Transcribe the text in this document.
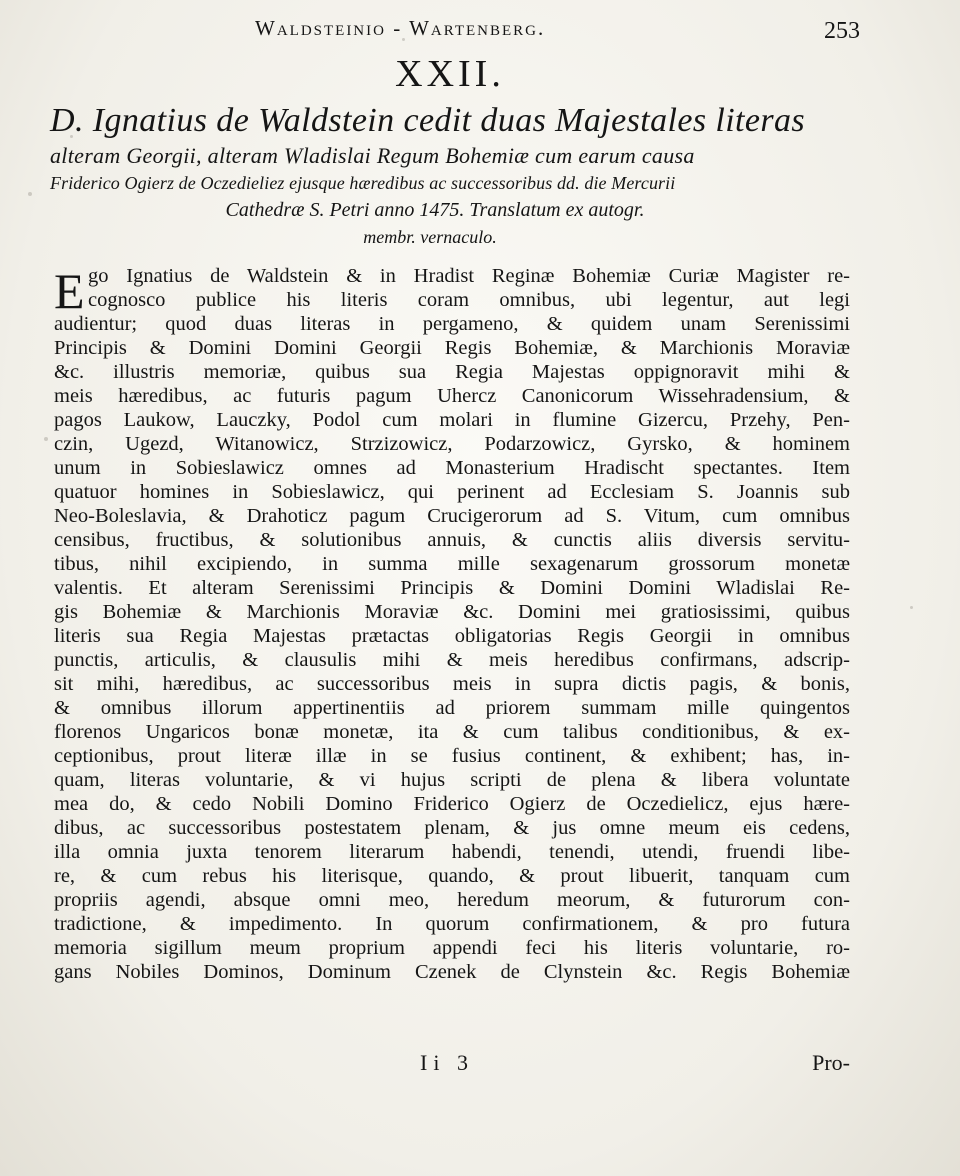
Waldsteinio - Wartenberg.	253
XXII.
D. Ignatius de Waldstein cedit duas Majestales literas
alteram Georgii, alteram Wladislai Regum Bohemiæ cum earum causa
Friderico Ogierz de Oczedieliez ejusque hæredibus ac successoribus dd. die Mercurii
Cathedræ S. Petri anno 1475. Translatum ex autogr.
membr. vernaculo.
E go Ignatius de Waldstein & in Hradist Reginæ Bohemiæ Curiæ Magister re-
cognosco publice his literis coram omnibus, ubi legentur, aut legi
audientur; quod duas literas in pergameno, & quidem unam Serenissimi
Principis & Domini Domini Georgii Regis Bohemiæ, & Marchionis Moraviæ
&c. illustris memoriæ, quibus sua Regia Majestas oppignoravit mihi &
meis hæredibus, ac futuris pagum Uhercz Canonicorum Wissehradensium, &
pagos Laukow, Lauczky, Podol cum molari in flumine Gizercu, Przehy, Pen-
czin, Ugezd, Witanowicz, Strzizowicz, Podarzowicz, Gyrsko, & hominem
unum in Sobieslawicz omnes ad Monasterium Hradischt spectantes. Item
quatuor homines in Sobieslawicz, qui perinent ad Ecclesiam S. Joannis sub
Neo-Boleslavia, & Drahoticz pagum Crucigerorum ad S. Vitum, cum omnibus
censibus, fructibus, & solutionibus annuis, & cunctis aliis diversis servitu-
tibus, nihil excipiendo, in summa mille sexagenarum grossorum monetæ
valentis. Et alteram Serenissimi Principis & Domini Domini Wladislai Re-
gis Bohemiæ & Marchionis Moraviæ &c. Domini mei gratiosissimi, quibus
literis sua Regia Majestas prætactas obligatorias Regis Georgii in omnibus
punctis, articulis, & clausulis mihi & meis heredibus confirmans, adscrip-
sit mihi, hæredibus, ac successoribus meis in supra dictis pagis, & bonis,
& omnibus illorum appertinentiis ad priorem summam mille quingentos
florenos Ungaricos bonæ monetæ, ita & cum talibus conditionibus, & ex-
ceptionibus, prout literæ illæ in se fusius continent, & exhibent; has, in-
quam, literas voluntarie, & vi hujus scripti de plena & libera voluntate
mea do, & cedo Nobili Domino Friderico Ogierz de Oczedielicz, ejus hære-
dibus, ac successoribus postestatem plenam, & jus omne meum eis cedens,
illa omnia juxta tenorem literarum habendi, tenendi, utendi, fruendi libe-
re, & cum rebus his literisque, quando, & prout libuerit, tanquam cum
propriis agendi, absque omni meo, heredum meorum, & futurorum con-
tradictione, & impedimento. In quorum confirmationem, & pro futura
memoria sigillum meum proprium appendi feci his literis voluntarie, ro-
gans Nobiles Dominos, Dominum Czenek de Clynstein &c. Regis Bohemiæ
Ii 3	Pro-
